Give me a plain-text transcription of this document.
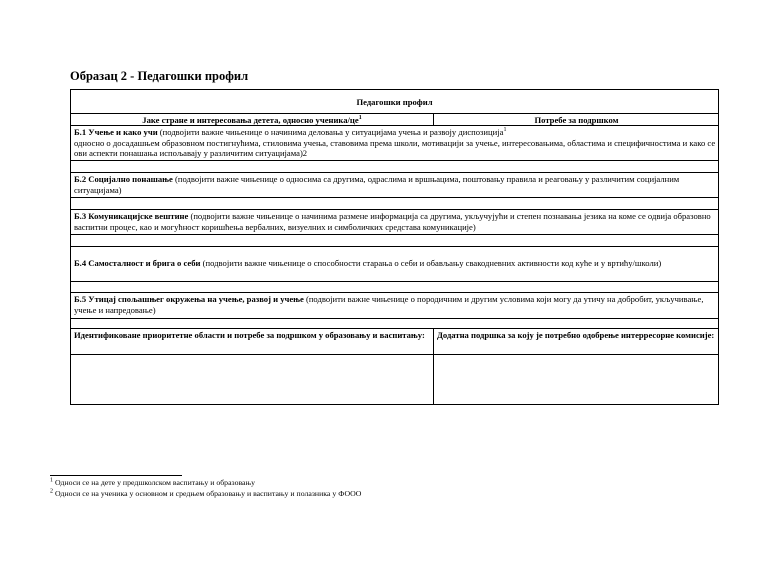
Образац 2 - Педагошки профил
Педагошки профил
Jаке стране и интересовања детета, односно ученика/$це^1$	Потребе за подршком
Б.1 Учење и како учи (подвојити важне чињенице о начинима деловања у ситуацијама учења и развоју диспозиција$^1$
односно о досадашњем образовном постигнућима, стиловима учења, ставовима према школи, мотивацији за учење, интересовањима, областима и специфичностима и како се ови аспекти понашања испољавају у различитим ситуацијама)2
Б.2 Социјално понашање (подвојити важне чињенице о односима са другима, одраслима и вршњацима, поштовању правила и реаговању у различитим социјалним ситуацијама)
Б.3 Комуникацијске вештине (подвојити важне чињенице о начинима размене информација са другима, укључујући и степен познавања језика на коме се одвија образовно васпитни процес, као и могућност коришћења вербалних, визуелних и симболичких средстава комуникације)
Б.4 Самосталност и брига о себи (подвојити важне чињенице о способности старања о себи и обављању свакодневних активности код куће и у вртићу/школи)
Б.5 Утицај спољашњег окружења на учење, развој и учење (подвојити важне чињенице о породичним и другим условима који могу да утичу на добробит, укључивање, учење и напредовање)
Идентификоване приоритетне области и потребе за подршком у образовању и васпитању:	Додатна подршка за коју је потребно одобрење интерресорне комисије:
$^1$ Односи се на дете у предшколском васпитању и образовању
$^2$ Односи се на ученика у основном и средњем образовању и васпитању и полазника у ФООО
